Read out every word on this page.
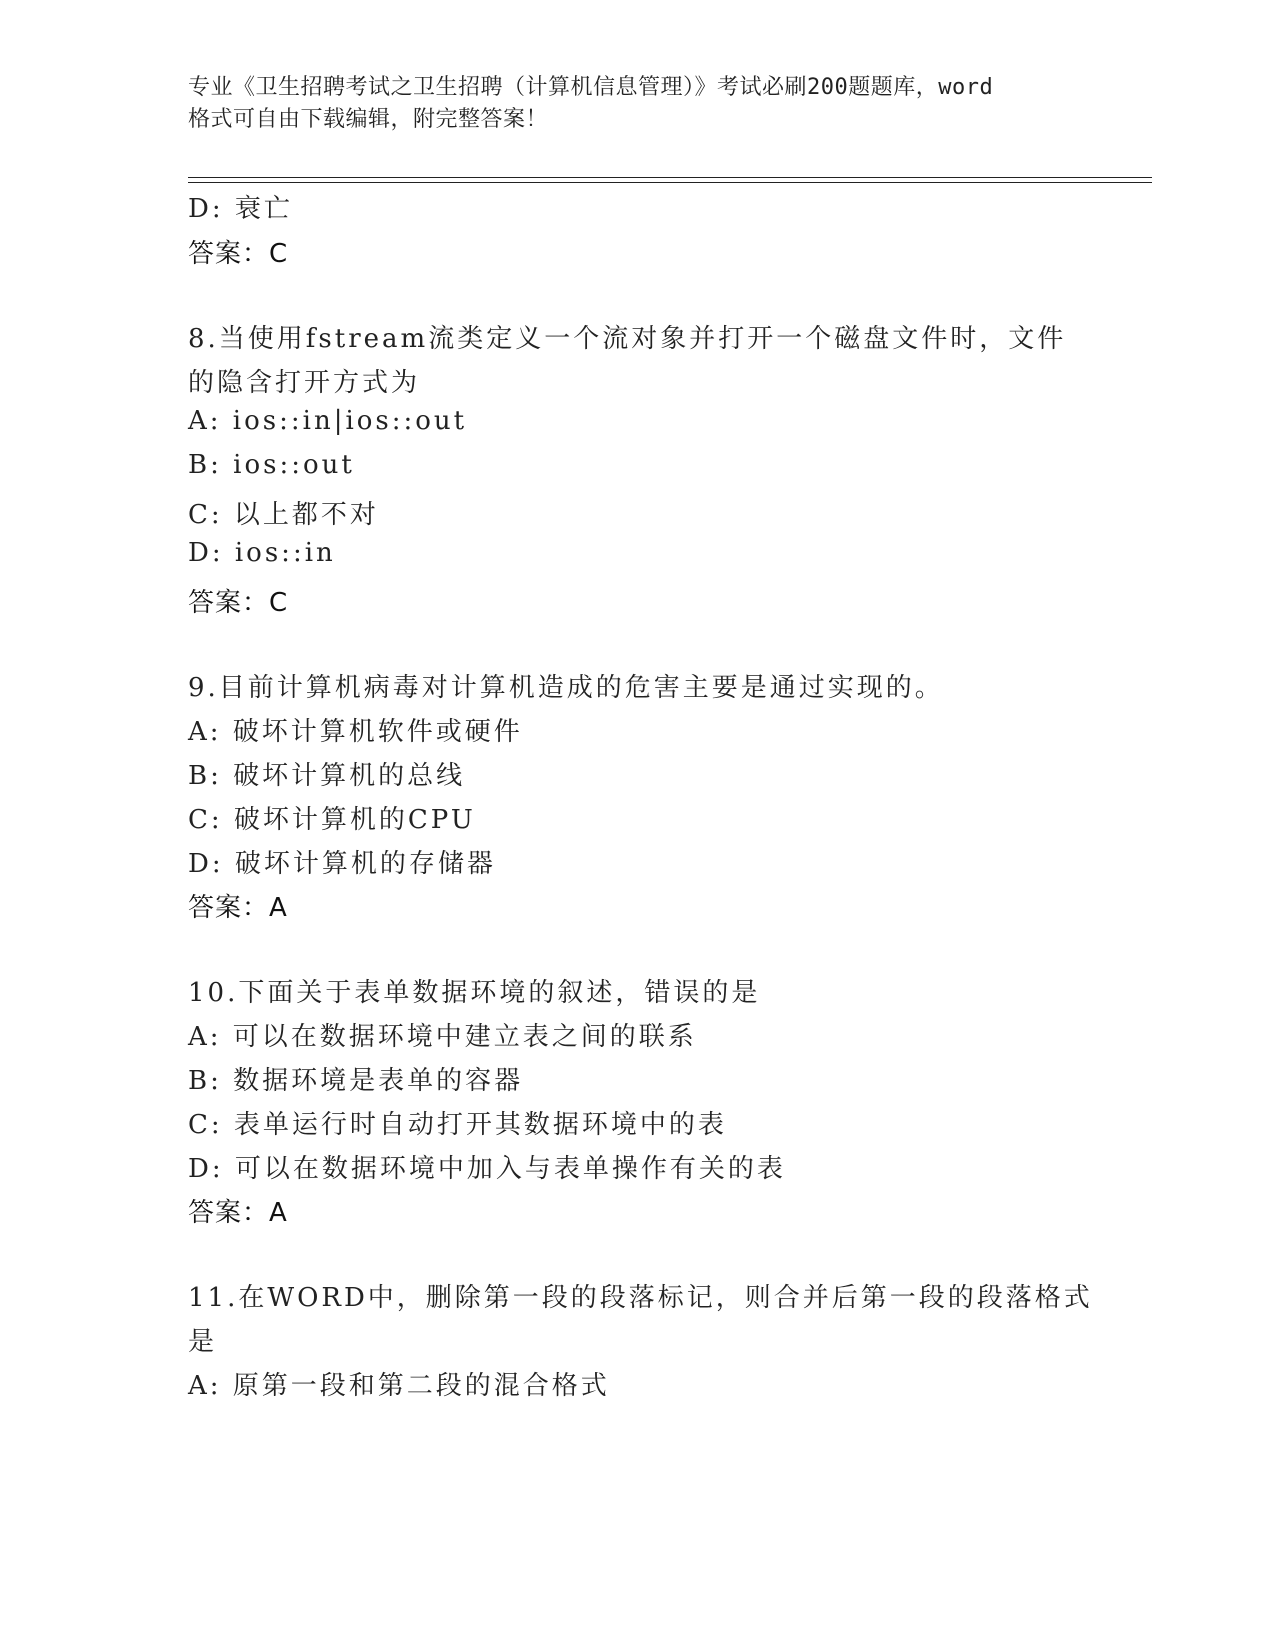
专业《卫生招聘考试之卫生招聘（计算机信息管理）》考试必刷200题题库，word
格式可自由下载编辑，附完整答案！
D: 衰亡
答案：C
8.当使用fstream流类定义一个流对象并打开一个磁盘文件时，文件
的隐含打开方式为
A: ios::in|ios::out
B: ios::out
C: 以上都不对
D: ios::in
答案：C
9.目前计算机病毒对计算机造成的危害主要是通过实现的。
A: 破坏计算机软件或硬件
B: 破坏计算机的总线
C: 破坏计算机的CPU
D: 破坏计算机的存储器
答案：A
10.下面关于表单数据环境的叙述，错误的是
A: 可以在数据环境中建立表之间的联系
B: 数据环境是表单的容器
C: 表单运行时自动打开其数据环境中的表
D: 可以在数据环境中加入与表单操作有关的表
答案：A
11.在WORD中，删除第一段的段落标记，则合并后第一段的段落格式
是
A: 原第一段和第二段的混合格式
